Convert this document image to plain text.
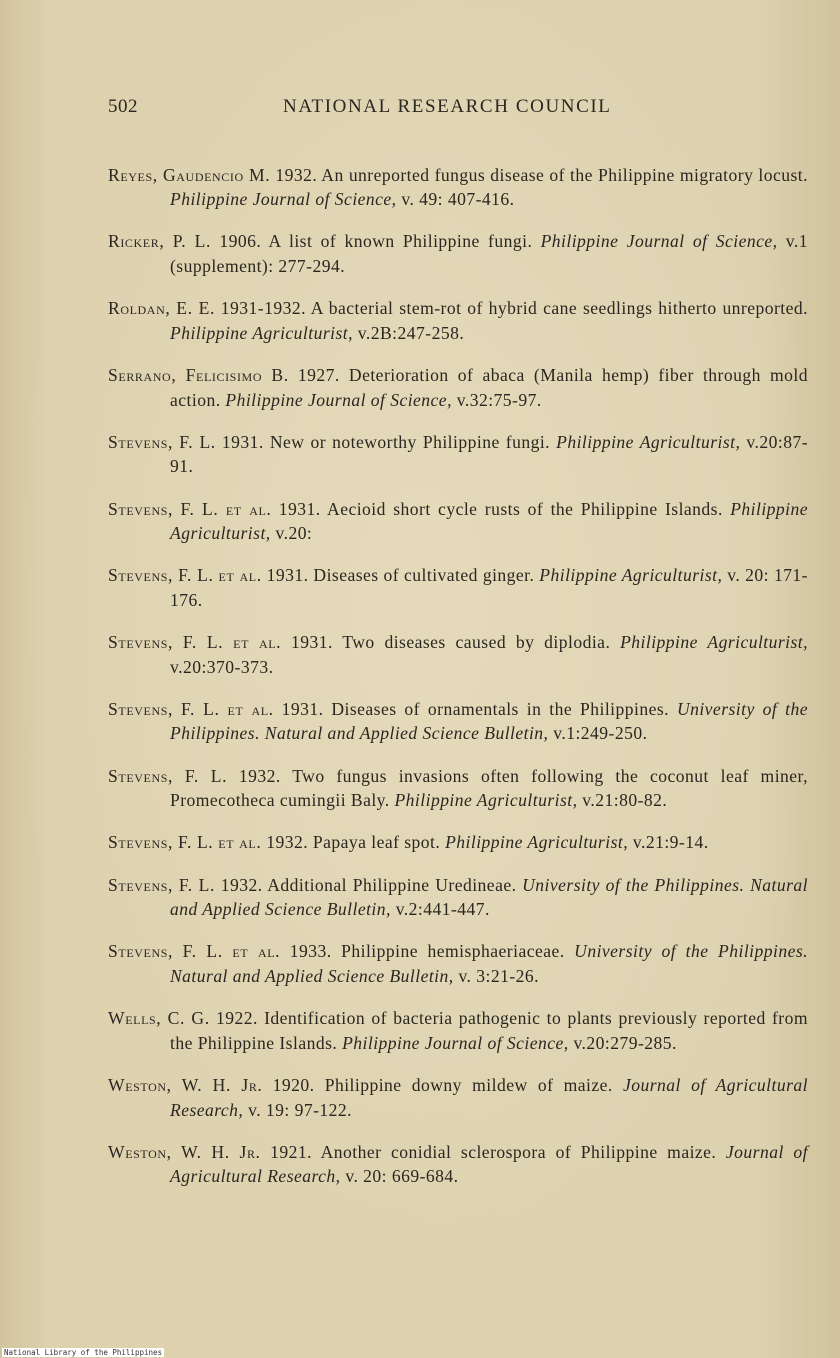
502	NATIONAL RESEARCH COUNCIL

Reyes, Gaudencio M. 1932. An unreported fungus disease of the Philippine migratory locust. Philippine Journal of Science, v. 49: 407-416.

Ricker, P. L. 1906. A list of known Philippine fungi. Philippine Journal of Science, v.1 (supplement): 277-294.

Roldan, E. E. 1931-1932. A bacterial stem-rot of hybrid cane seedlings hitherto unreported. Philippine Agriculturist, v.2B:247-258.

Serrano, Felicisimo B. 1927. Deterioration of abaca (Manila hemp) fiber through mold action. Philippine Journal of Science, v.32:75-97.

Stevens, F. L. 1931. New or noteworthy Philippine fungi. Philippine Agriculturist, v.20:87-91.

Stevens, F. L. et al. 1931. Aecioid short cycle rusts of the Philippine Islands. Philippine Agriculturist, v.20:

Stevens, F. L. et al. 1931. Diseases of cultivated ginger. Philippine Agriculturist, v. 20: 171-176.

Stevens, F. L. et al. 1931. Two diseases caused by diplodia. Philippine Agriculturist, v.20:370-373.

Stevens, F. L. et al. 1931. Diseases of ornamentals in the Philippines. University of the Philippines. Natural and Applied Science Bulletin, v.1:249-250.

Stevens, F. L. 1932. Two fungus invasions often following the coconut leaf miner, Promecotheca cumingii Baly. Philippine Agriculturist, v.21:80-82.

Stevens, F. L. et al. 1932. Papaya leaf spot. Philippine Agriculturist, v.21:9-14.

Stevens, F. L. 1932. Additional Philippine Uredineae. University of the Philippines. Natural and Applied Science Bulletin, v.2:441-447.

Stevens, F. L. et al. 1933. Philippine hemisphaeriaceae. University of the Philippines. Natural and Applied Science Bulletin, v. 3:21-26.

Wells, C. G. 1922. Identification of bacteria pathogenic to plants previously reported from the Philippine Islands. Philippine Journal of Science, v.20:279-285.

Weston, W. H. Jr. 1920. Philippine downy mildew of maize. Journal of Agricultural Research, v. 19: 97-122.

Weston, W. H. Jr. 1921. Another conidial sclerospora of Philippine maize. Journal of Agricultural Research, v. 20: 669-684.

National Library of the Philippines
